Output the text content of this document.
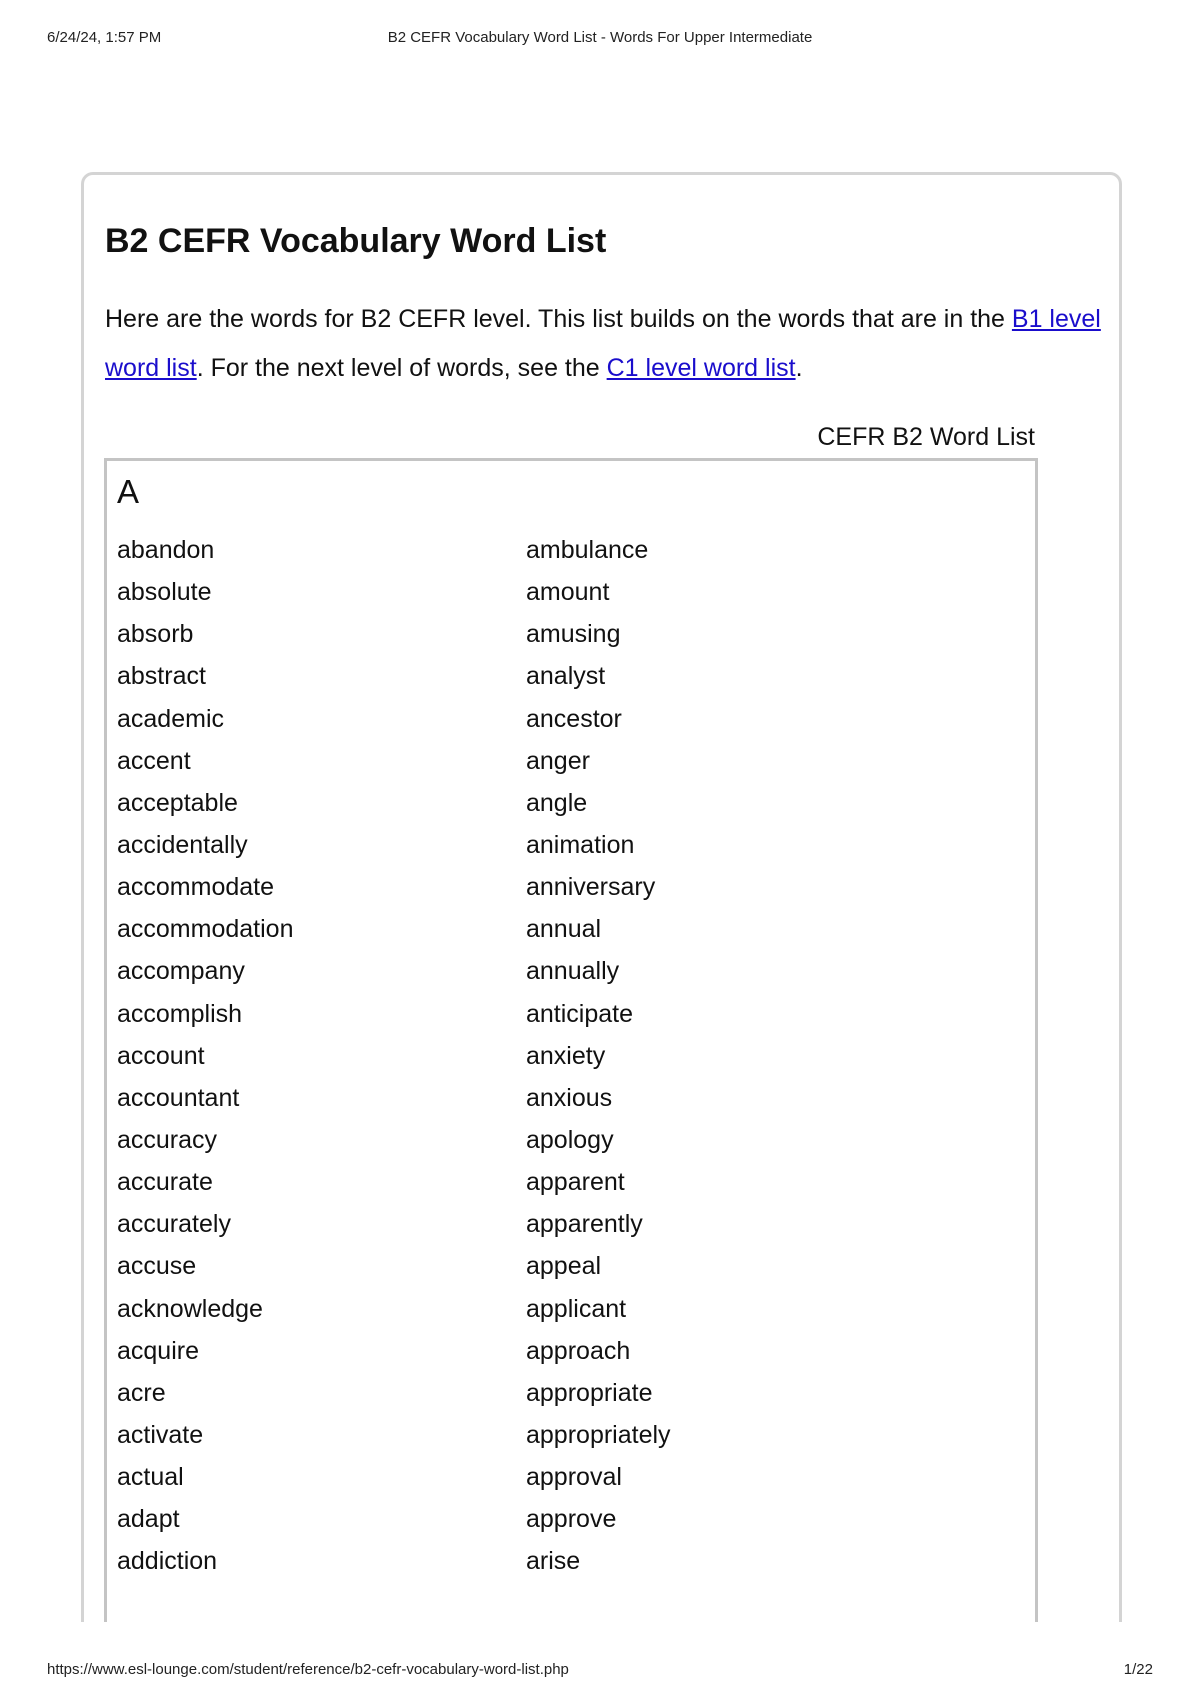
6/24/24, 1:57 PM	B2 CEFR Vocabulary Word List - Words For Upper Intermediate
B2 CEFR Vocabulary Word List

Here are the words for B2 CEFR level. This list builds on the words that are in the B1 level word list. For the next level of words, see the C1 level word list.

CEFR B2 Word List
A
abandon
absolute
absorb
abstract
academic
accent
acceptable
accidentally
accommodate
accommodation
accompany
accomplish
account
accountant
accuracy
accurate
accurately
accuse
acknowledge
acquire
acre
activate
actual
adapt
addiction
ambulance
amount
amusing
analyst
ancestor
anger
angle
animation
anniversary
annual
annually
anticipate
anxiety
anxious
apology
apparent
apparently
appeal
applicant
approach
appropriate
appropriately
approval
approve
arise
https://www.esl-lounge.com/student/reference/b2-cefr-vocabulary-word-list.php	1/22
